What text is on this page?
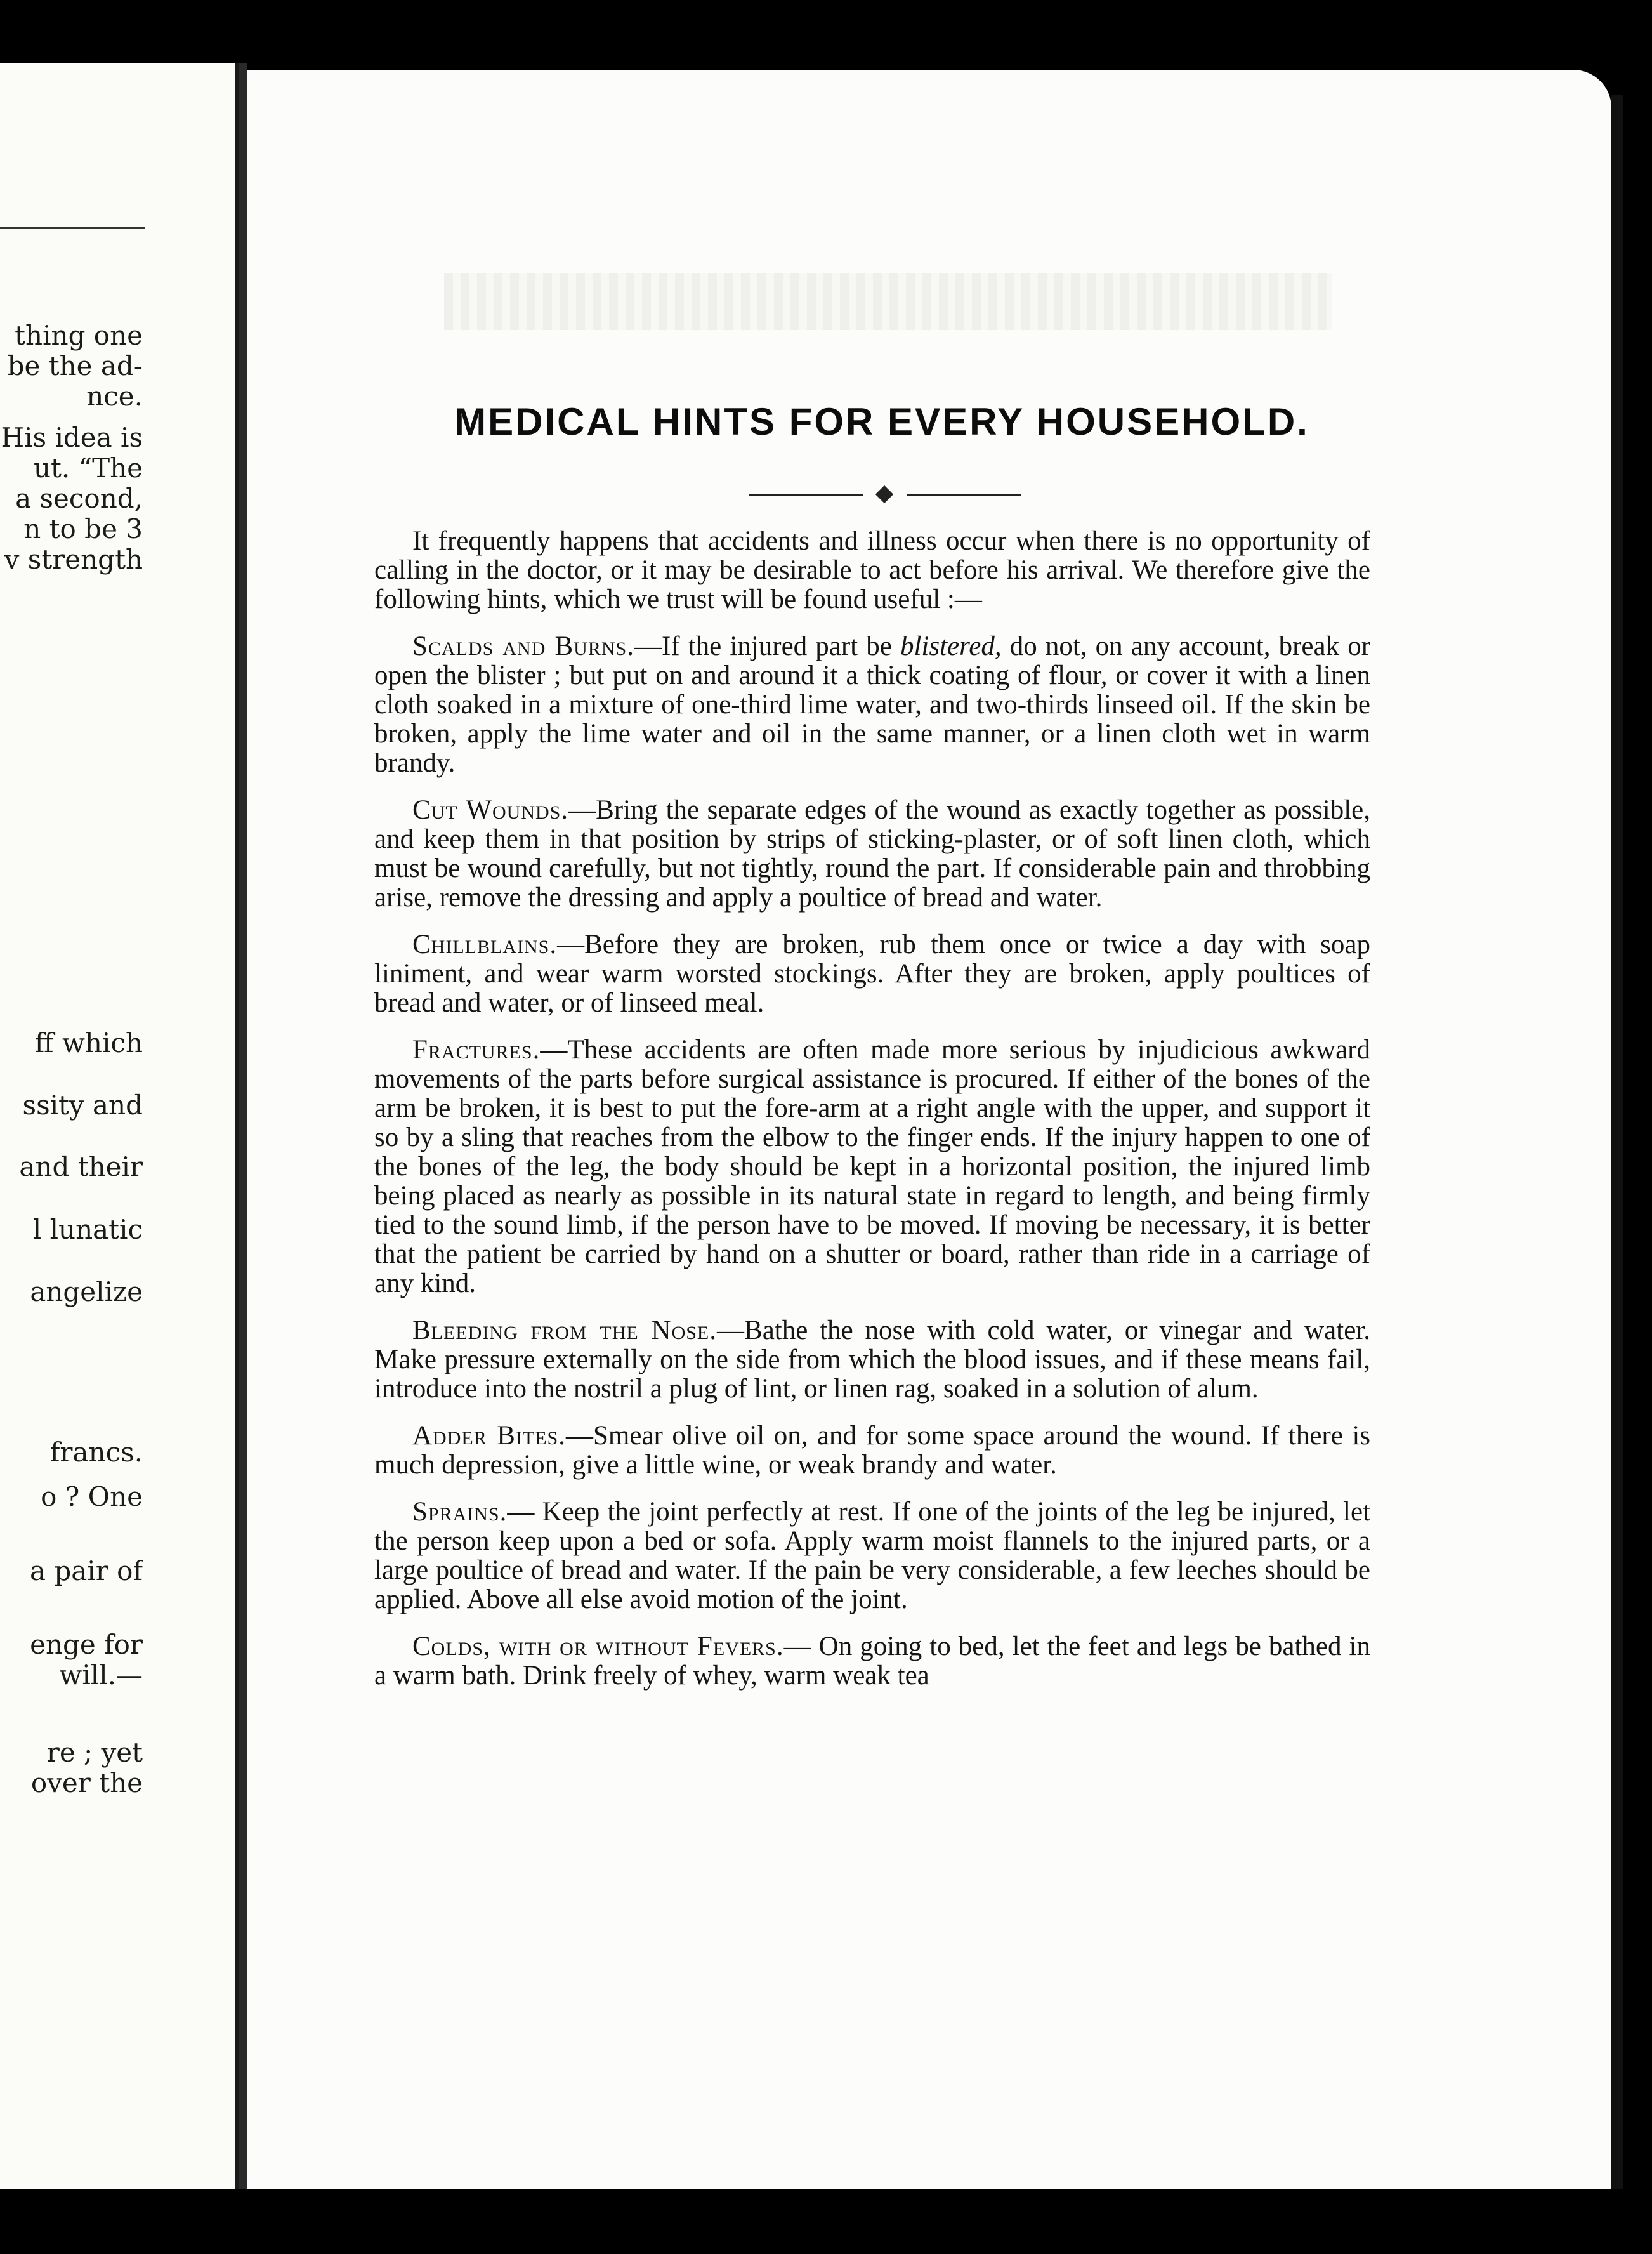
thing one
be the ad-
nce.
His idea is
ut. “The
a second,
n to be 3
v strength
ff which
ssity and
and their
l lunatic
angelize
francs.
o ? One
a pair of
enge for
will.—
re ; yet
over the
MEDICAL HINTS FOR EVERY HOUSEHOLD.

It frequently happens that accidents and illness occur when there is no opportunity of calling in the doctor, or it may be desirable to act before his arrival. We therefore give the following hints, which we trust will be found useful :—

Scalds and Burns.—If the injured part be blistered, do not, on any account, break or open the blister ; but put on and around it a thick coating of flour, or cover it with a linen cloth soaked in a mixture of one-third lime water, and two-thirds linseed oil. If the skin be broken, apply the lime water and oil in the same manner, or a linen cloth wet in warm brandy.

Cut Wounds.—Bring the separate edges of the wound as exactly together as possible, and keep them in that position by strips of sticking-plaster, or of soft linen cloth, which must be wound carefully, but not tightly, round the part. If considerable pain and throbbing arise, remove the dressing and apply a poultice of bread and water.

Chillblains.—Before they are broken, rub them once or twice a day with soap liniment, and wear warm worsted stockings. After they are broken, apply poultices of bread and water, or of linseed meal.

Fractures.—These accidents are often made more serious by injudicious awkward movements of the parts before surgical assistance is procured. If either of the bones of the arm be broken, it is best to put the fore-arm at a right angle with the upper, and support it so by a sling that reaches from the elbow to the finger ends. If the injury happen to one of the bones of the leg, the body should be kept in a horizontal position, the injured limb being placed as nearly as possible in its natural state in regard to length, and being firmly tied to the sound limb, if the person have to be moved. If moving be necessary, it is better that the patient be carried by hand on a shutter or board, rather than ride in a carriage of any kind.

Bleeding from the Nose.—Bathe the nose with cold water, or vinegar and water. Make pressure externally on the side from which the blood issues, and if these means fail, introduce into the nostril a plug of lint, or linen rag, soaked in a solution of alum.

Adder Bites.—Smear olive oil on, and for some space around the wound. If there is much depression, give a little wine, or weak brandy and water.

Sprains.— Keep the joint perfectly at rest. If one of the joints of the leg be injured, let the person keep upon a bed or sofa. Apply warm moist flannels to the injured parts, or a large poultice of bread and water. If the pain be very considerable, a few leeches should be applied. Above all else avoid motion of the joint.

Colds, with or without Fevers.— On going to bed, let the feet and legs be bathed in a warm bath. Drink freely of whey, warm weak tea
